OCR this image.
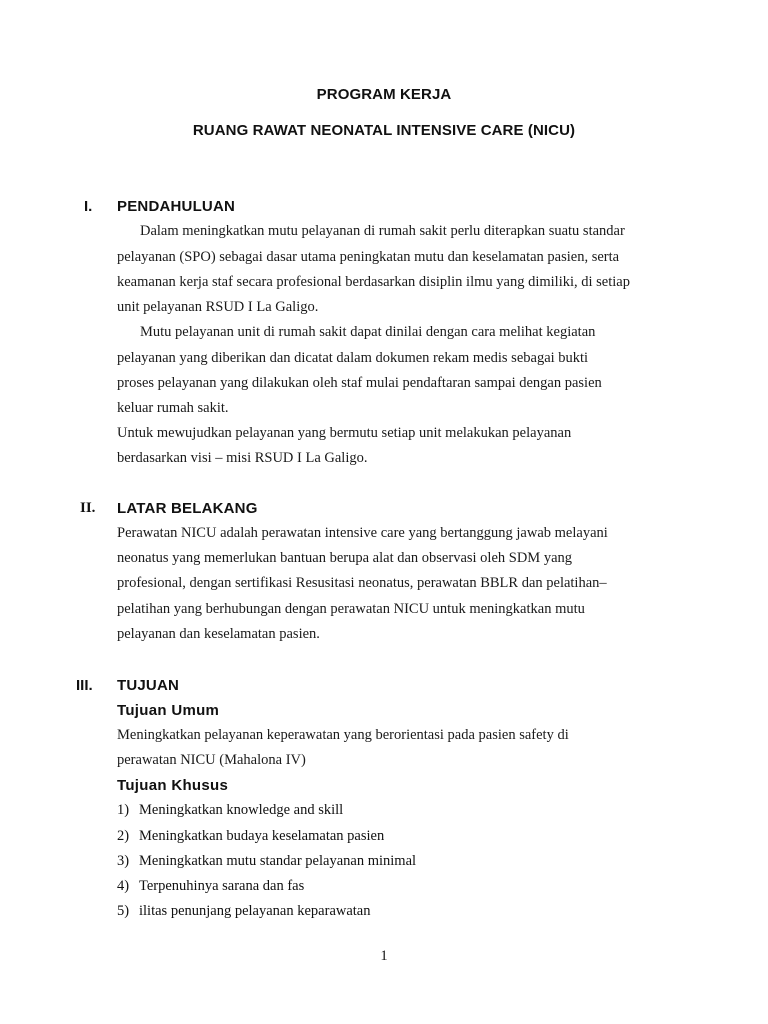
PROGRAM KERJA
RUANG RAWAT NEONATAL INTENSIVE CARE (NICU)
I.	PENDAHULUAN
Dalam meningkatkan mutu pelayanan di rumah sakit perlu diterapkan suatu standar
pelayanan (SPO) sebagai dasar utama peningkatan mutu dan keselamatan pasien, serta
keamanan kerja staf secara profesional berdasarkan disiplin ilmu yang dimiliki, di setiap
unit pelayanan RSUD I La Galigo.
Mutu pelayanan unit di rumah sakit dapat dinilai dengan cara melihat kegiatan
pelayanan yang diberikan dan dicatat dalam dokumen rekam medis sebagai bukti
proses pelayanan yang dilakukan oleh staf mulai pendaftaran sampai dengan pasien
keluar rumah sakit.
Untuk mewujudkan pelayanan yang bermutu setiap unit melakukan pelayanan
berdasarkan visi – misi RSUD I La Galigo.
II.	LATAR BELAKANG
Perawatan NICU adalah perawatan intensive care yang bertanggung jawab melayani
neonatus yang memerlukan bantuan berupa alat dan observasi oleh SDM yang
profesional, dengan sertifikasi Resusitasi neonatus, perawatan BBLR dan pelatihan–
pelatihan yang berhubungan dengan perawatan NICU untuk meningkatkan mutu
pelayanan dan keselamatan pasien.
III.	TUJUAN
Tujuan Umum
Meningkatkan pelayanan keperawatan yang berorientasi pada pasien safety di
perawatan NICU (Mahalona IV)
Tujuan Khusus
1) Meningkatkan knowledge and skill
2) Meningkatkan budaya keselamatan pasien
3) Meningkatkan mutu standar pelayanan minimal
4) Terpenuhinya sarana dan fas
5) ilitas penunjang pelayanan keparawatan
1
